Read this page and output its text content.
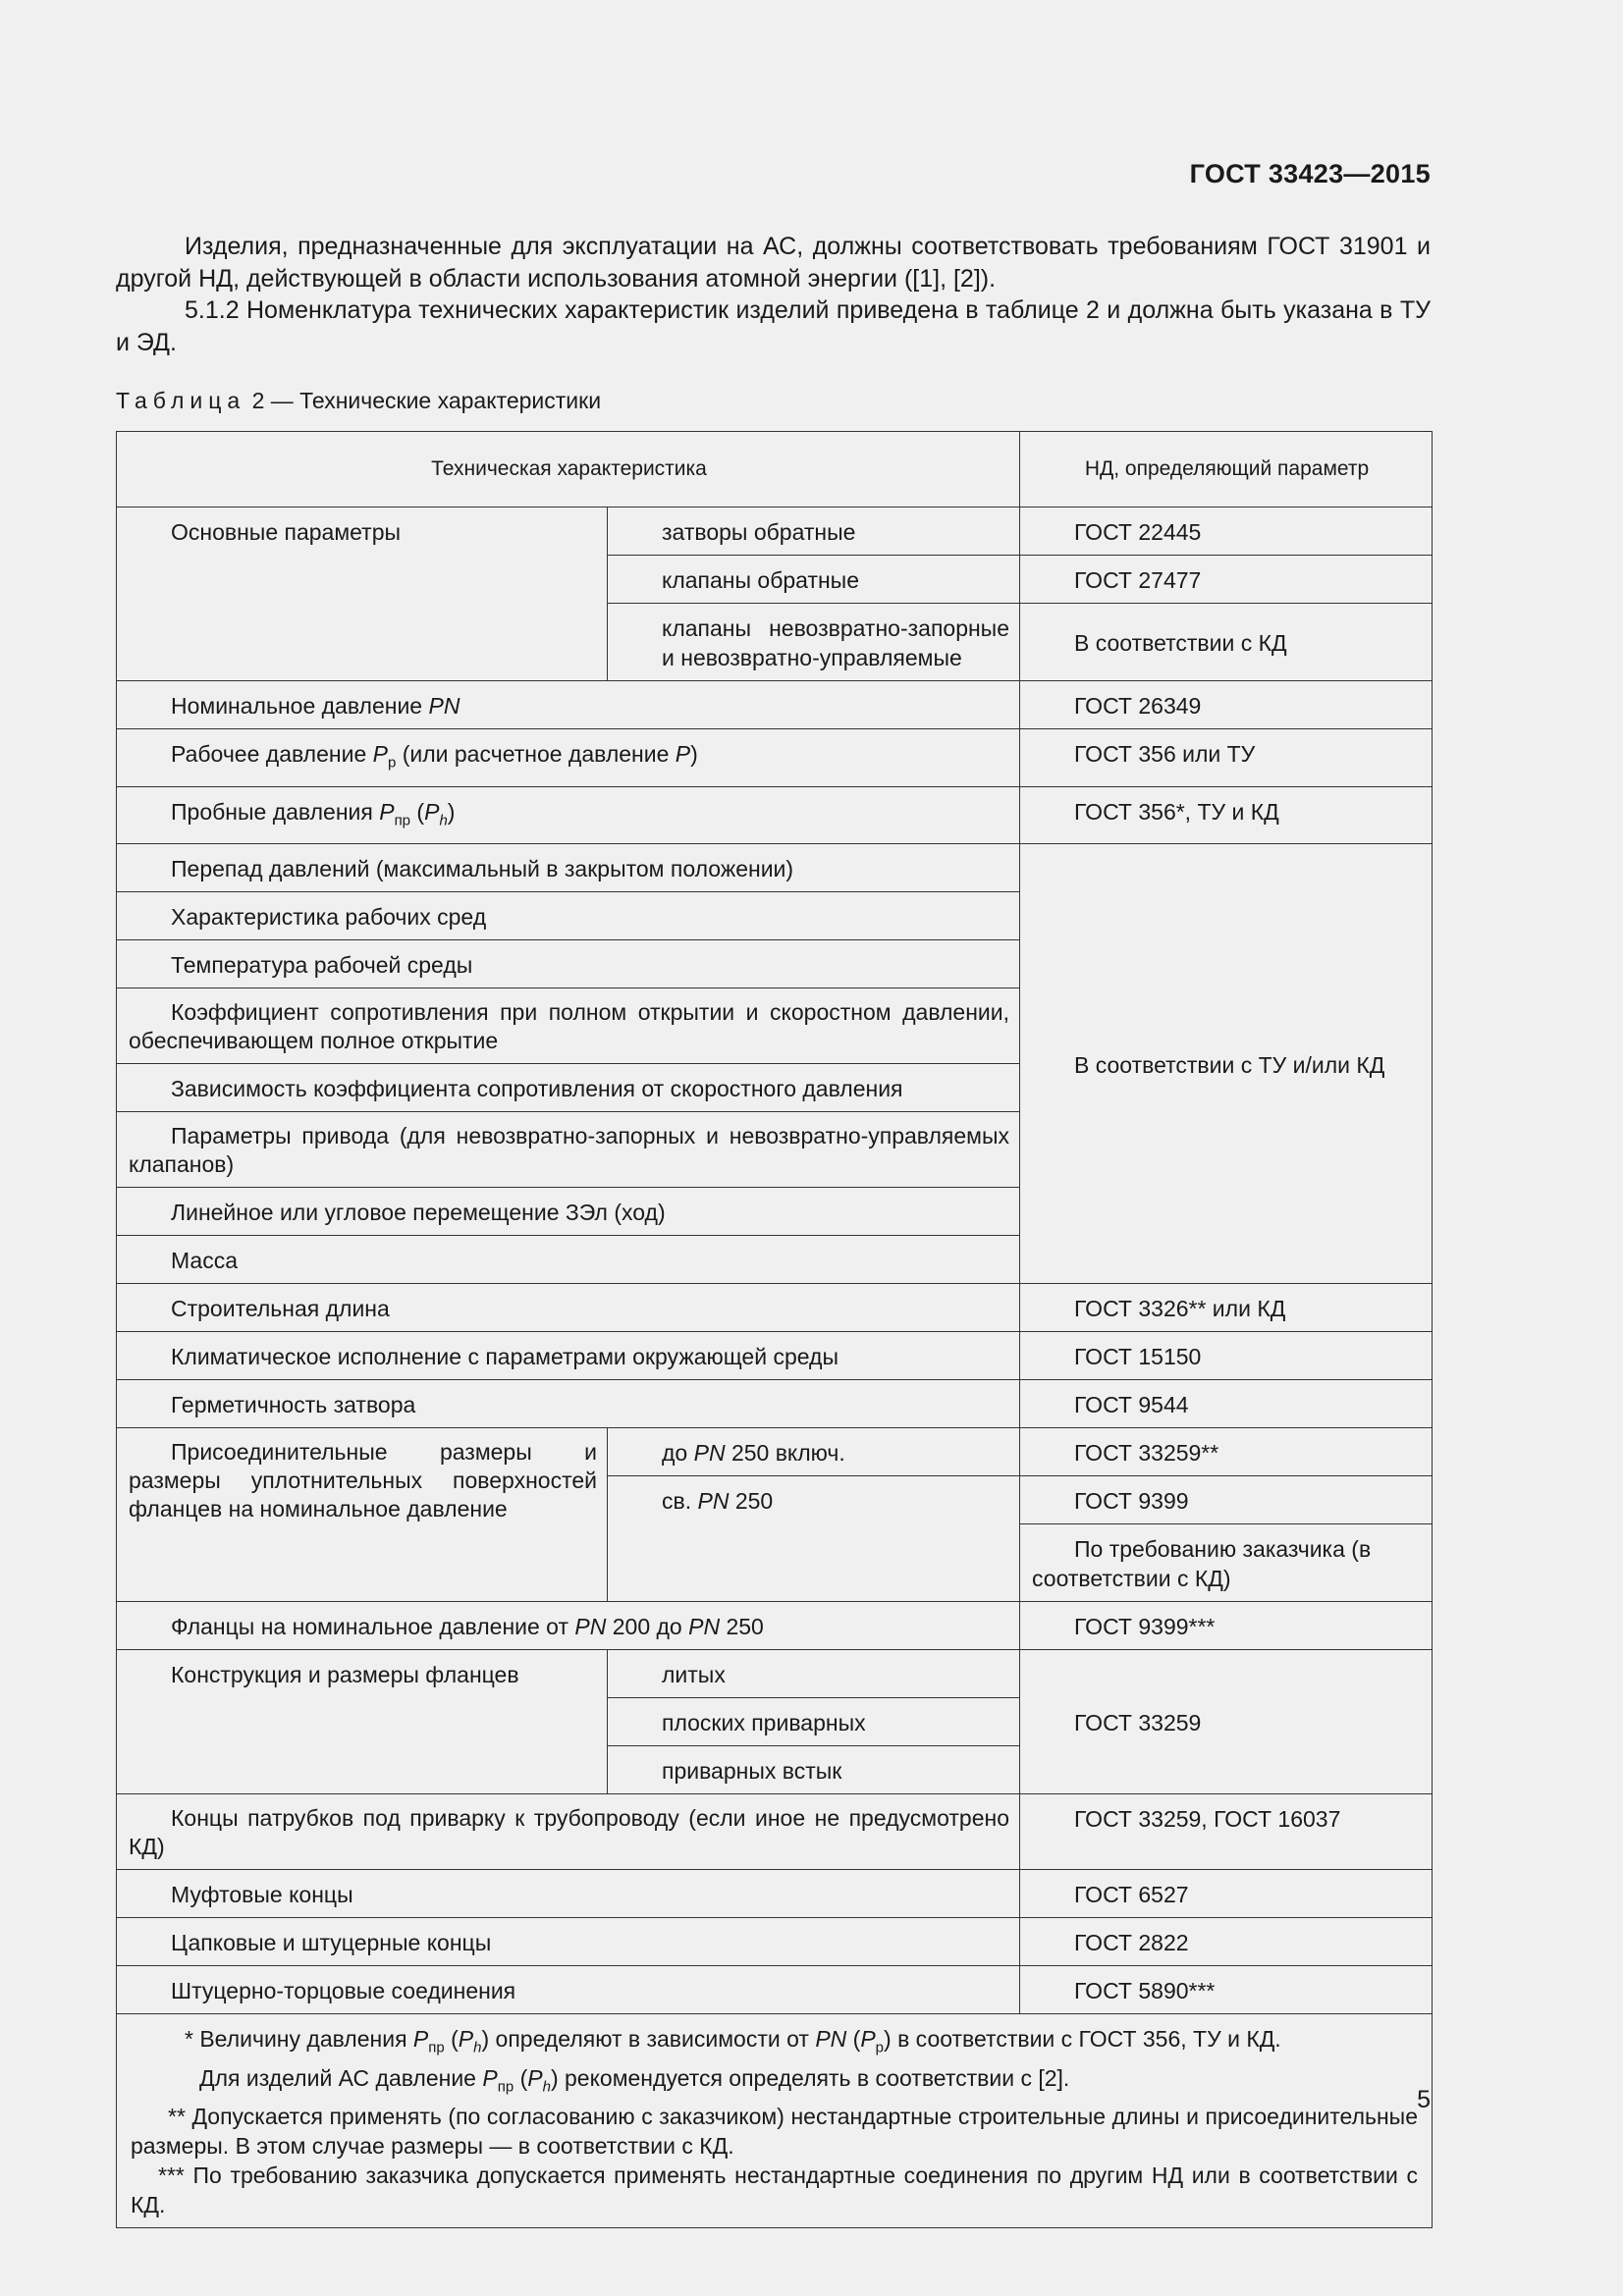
ГОСТ 33423—2015
Изделия, предназначенные для эксплуатации на АС, должны соответствовать требованиям ГОСТ 31901 и другой НД, действующей в области использования атомной энергии ([1], [2]).
5.1.2 Номенклатура технических характеристик изделий приведена в таблице 2 и должна быть указана в ТУ и ЭД.
Таблица 2 — Технические характеристики
Техническая характеристика		НД, определяющий параметр
Основные параметры	затворы обратные	ГОСТ 22445
	клапаны обратные	ГОСТ 27477
	клапаны невозвратно-запорные и невозвратно-управляемые	В соответствии с КД
Номинальное давление PN		ГОСТ 26349
Рабочее давление $P_р$ (или расчетное давление P)		ГОСТ 356 или ТУ
Пробные давления $P_{пр}$ $(P_h)$		ГОСТ 356*, ТУ и КД
Перепад давлений (максимальный в закрытом положении)		В соответствии с ТУ и/или КД
Характеристика рабочих сред		
Температура рабочей среды		
Коэффициент сопротивления при полном открытии и скоростном давлении, обеспечивающем полное открытие		
Зависимость коэффициента сопротивления от скоростного давления		
Параметры привода (для невозвратно-запорных и невозвратно-управляемых клапанов)		
Линейное или угловое перемещение ЗЭл (ход)		
Масса		
Строительная длина		ГОСТ 3326** или КД
Климатическое исполнение с параметрами окружающей среды		ГОСТ 15150
Герметичность затвора		ГОСТ 9544
Присоединительные размеры и размеры уплотнительных поверхностей фланцев на номинальное давление	до PN 250 включ.	ГОСТ 33259**
	св. PN 250	ГОСТ 9399
		По требованию заказчика (в соответствии с КД)
Фланцы на номинальное давление от PN 200 до PN 250		ГОСТ 9399***
Конструкция и размеры фланцев	литых	ГОСТ 33259
	плоских приварных	
	приварных встык	
Концы патрубков под приварку к трубопроводу (если иное не предусмотрено КД)		ГОСТ 33259, ГОСТ 16037
Муфтовые концы		ГОСТ 6527
Цапковые и штуцерные концы		ГОСТ 2822
Штуцерно-торцовые соединения		ГОСТ 5890***

* Величину давления $P_{пр}$ $(P_h)$ определяют в зависимости от PN $(P_р)$ в соответствии с ГОСТ 356, ТУ и КД.
Для изделий АС давление $P_{пр}$ $(P_h)$ рекомендуется определять в соответствии с [2].
** Допускается применять (по согласованию с заказчиком) нестандартные строительные длины и присоединительные размеры. В этом случае размеры — в соответствии с КД.
*** По требованию заказчика допускается применять нестандартные соединения по другим НД или в соответствии с КД.		
5
